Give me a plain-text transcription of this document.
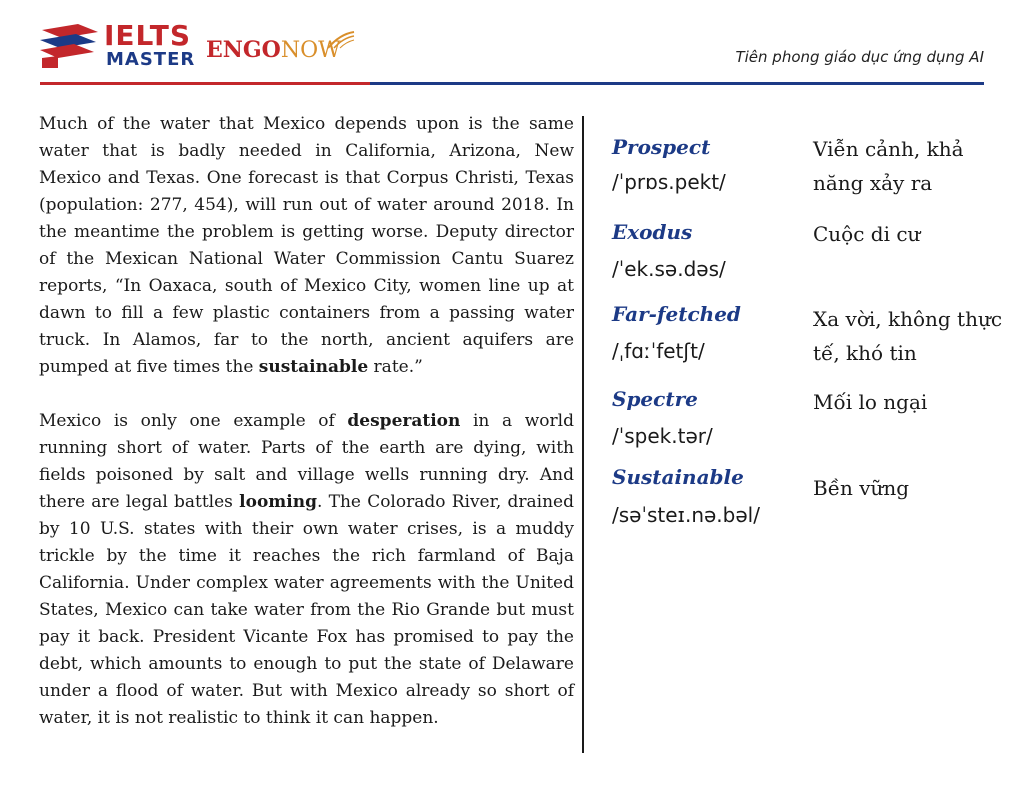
IELTS
MASTER ENGONOW	Tiên phong giáo dục ứng dụng AI

Much of the water that Mexico depends upon is the same water that is badly needed in California, Arizona, New Mexico and Texas. One forecast is that Corpus Christi, Texas (population: 277, 454), will run out of water around 2018. In the meantime the problem is getting worse. Deputy director of the Mexican National Water Commission Cantu Suarez reports, “In Oaxaca, south of Mexico City, women line up at dawn to fill a few plastic containers from a passing water truck. In Alamos, far to the north, ancient aquifers are pumped at five times the sustainable rate.”

Mexico is only one example of desperation in a world running short of water. Parts of the earth are dying, with fields poisoned by salt and village wells running dry. And there are legal battles looming. The Colorado River, drained by 10 U.S. states with their own water crises, is a muddy trickle by the time it reaches the rich farmland of Baja California. Under complex water agreements with the United States, Mexico can take water from the Rio Grande but must pay it back. President Vicante Fox has promised to pay the debt, which amounts to enough to put the state of Delaware under a flood of water. But with Mexico already so short of water, it is not realistic to think it can happen.

Prospect
/ˈprɒs.pekt/
Viễn cảnh, khả năng xảy ra
Exodus
/ˈek.sə.dəs/
Cuộc di cư
Far-fetched
/ˌfɑːˈfetʃt/
Xa vời, không thực tế, khó tin
Spectre
/ˈspek.tər/
Mối lo ngại
Sustainable
/səˈsteɪ.nə.bəl/
Bền vững
